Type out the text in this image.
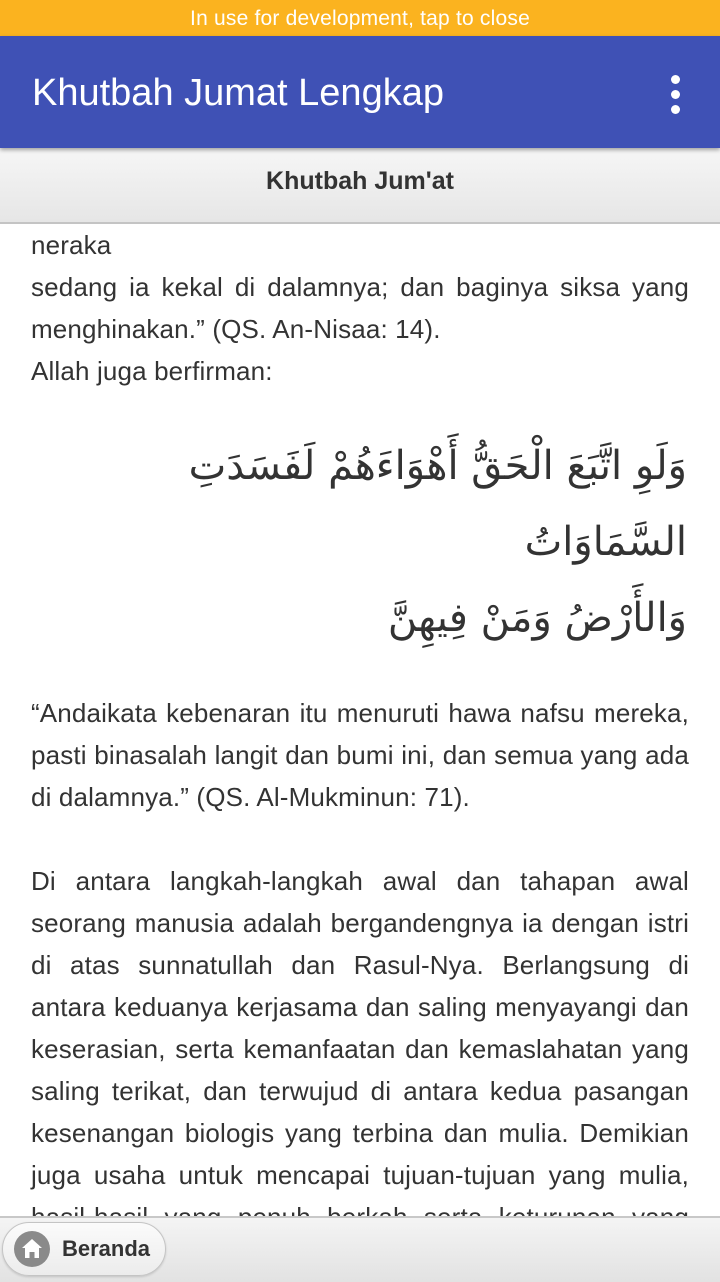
In use for development, tap to close
Khutbah Jumat Lengkap
Khutbah Jum'at

neraka

sedang ia kekal di dalamnya; dan baginya siksa yang menghinakan.” (QS. An-Nisaa: 14).

Allah juga berfirman:

وَلَوِ اتَّبَعَ الْحَقُّ أَهْوَاءَهُمْ لَفَسَدَتِ السَّمَاوَاتُ

وَالأَرْضُ وَمَنْ فِيهِنَّ

“Andaikata kebenaran itu menuruti hawa nafsu mereka, pasti binasalah langit dan bumi ini, dan semua yang ada di dalamnya.” (QS. Al-Mukminun: 71).

Di antara langkah-langkah awal dan tahapan awal seorang manusia adalah bergandengnya ia dengan istri di atas sunnatullah dan Rasul-Nya. Berlangsung di antara keduanya kerjasama dan saling menyayangi dan keserasian, serta kemanfaatan dan kemaslahatan yang saling terikat, dan terwujud di antara kedua pasangan kesenangan biologis yang terbina dan mulia. Demikian juga usaha untuk mencapai tujuan-tujuan yang mulia,

Beranda
